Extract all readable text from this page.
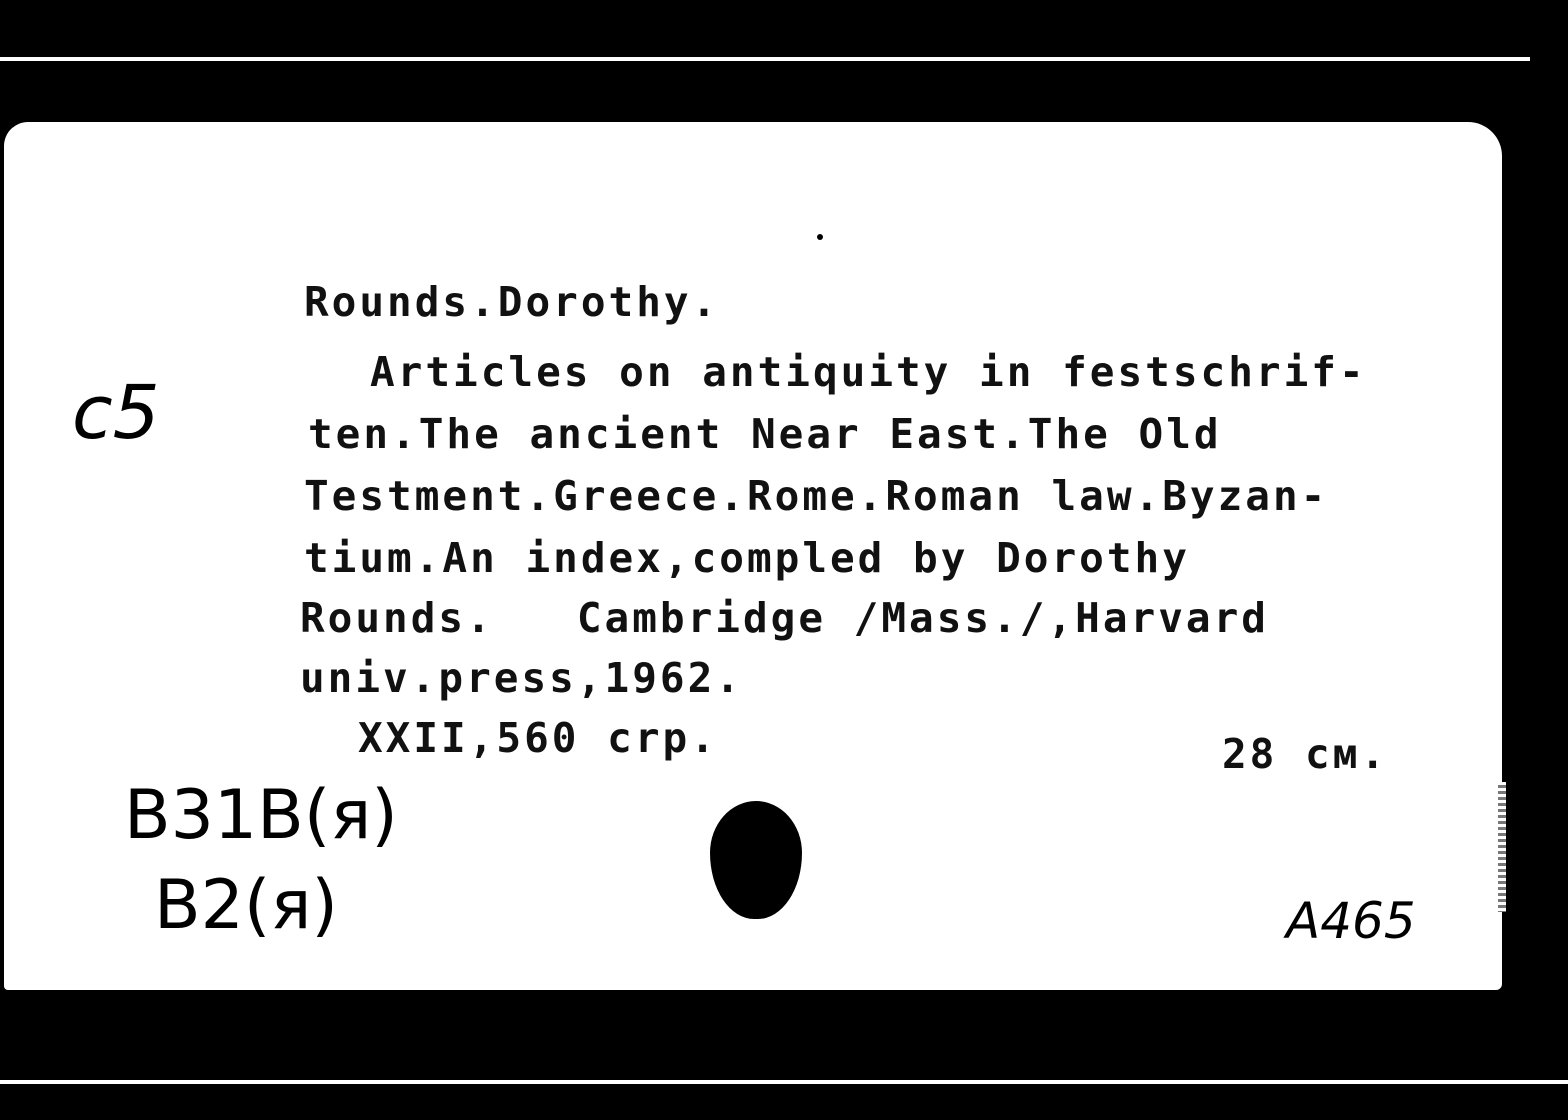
Rounds.Dorothy.
Articles on antiquity in festschrif-
ten.The ancient Near East.The Old
Testment.Greece.Rome.Roman law.Byzan-
tium.An index,compled by Dorothy
Rounds.   Cambridge /Mass./,Harvard
univ.press,1962.
XXII,560 crp.	28 cм.
c5
B31B(я)
B2(я)	A465
